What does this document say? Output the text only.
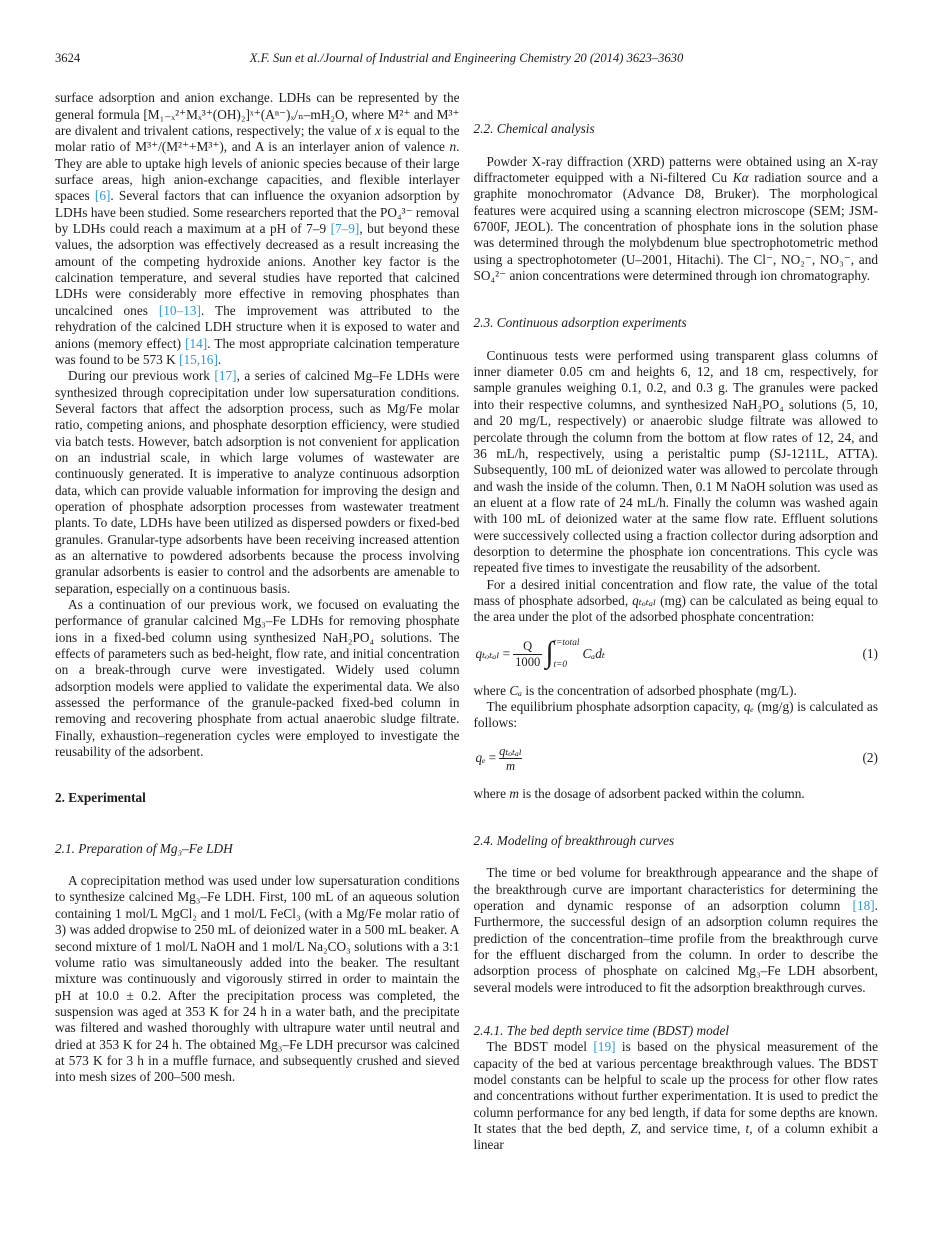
3624	X.F. Sun et al./Journal of Industrial and Engineering Chemistry 20 (2014) 3623–3630
surface adsorption and anion exchange. LDHs can be represented by the general formula [M₁₋ₓ²⁺Mₓ³⁺(OH)₂]ˣ⁺(Aⁿ⁻)ₓ/ₙ–mH₂O, where M²⁺ and M³⁺ are divalent and trivalent cations, respectively; the value of x is equal to the molar ratio of M³⁺/(M²⁺+M³⁺), and A is an interlayer anion of valence n. They are able to uptake high levels of anionic species because of their large surface areas, high anion-exchange capacities, and flexible interlayer spaces [6]. Several factors that can influence the oxyanion adsorption by LDHs have been studied. Some researchers reported that the PO₄³⁻ removal by LDHs could reach a maximum at a pH of 7–9 [7–9], but beyond these values, the adsorption was effectively decreased as a result increasing the amount of the competing hydroxide anions. Another key factor is the calcination temperature, and several studies have reported that calcined LDHs were considerably more effective in removing phosphates than uncalcined ones [10–13]. The improvement was attributed to the rehydration of the calcined LDH structure when it is exposed to water and anions (memory effect) [14]. The most appropriate calcination temperature was found to be 573 K [15,16].
During our previous work [17], a series of calcined Mg–Fe LDHs were synthesized through coprecipitation under low supersaturation conditions. Several factors that affect the adsorption process, such as Mg/Fe molar ratio, competing anions, and phosphate desorption efficiency, were studied via batch tests. However, batch adsorption is not convenient for application on an industrial scale, in which large volumes of wastewater are continuously generated. It is imperative to analyze continuous adsorption data, which can provide valuable information for improving the design and operation of phosphate adsorption processes from wastewater treatment plants. To date, LDHs have been utilized as dispersed powders or fixed-bed granules. Granular-type adsorbents have been receiving increased attention as an alternative to powdered adsorbents because the process involving granular adsorbents is easier to control and the adsorbents are amenable to separation, especially on a continuous basis.
As a continuation of our previous work, we focused on evaluating the performance of granular calcined Mg₃–Fe LDHs for removing phosphate ions in a fixed-bed column using synthesized NaH₂PO₄ solutions. The effects of parameters such as bed-height, flow rate, and initial concentration on a break-through curve were investigated. Widely used column adsorption models were applied to validate the experimental data. We also assessed the performance of the granule-packed fixed-bed column in removing and recovering phosphate from actual anaerobic sludge filtrate. Finally, exhaustion–regeneration cycles were employed to investigate the reusability of the adsorbent.
2. Experimental
2.1. Preparation of Mg₃–Fe LDH
A coprecipitation method was used under low supersaturation conditions to synthesize calcined Mg₃–Fe LDH. First, 100 mL of an aqueous solution containing 1 mol/L MgCl₂ and 1 mol/L FeCl₃ (with a Mg/Fe molar ratio of 3) was added dropwise to 250 mL of deionized water in a 500 mL beaker. A second mixture of 1 mol/L NaOH and 1 mol/L Na₂CO₃ solutions with a 3:1 volume ratio was simultaneously added into the beaker. The resultant mixture was continuously and vigorously stirred in order to maintain the pH at 10.0 ± 0.2. After the precipitation process was completed, the suspension was aged at 353 K for 24 h in a water bath, and the precipitate was filtered and washed thoroughly with ultrapure water until neutral and dried at 353 K for 24 h. The obtained Mg₃–Fe LDH precursor was calcined at 573 K for 3 h in a muffle furnace, and subsequently crushed and sieved into mesh sizes of 200–500 mesh.
2.2. Chemical analysis
Powder X-ray diffraction (XRD) patterns were obtained using an X-ray diffractometer equipped with a Ni-filtered Cu Kα radiation source and a graphite monochromator (Advance D8, Bruker). The morphological features were acquired using a scanning electron microscope (SEM; JSM-6700F, JEOL). The concentration of phosphate ions in the solution phase was determined through the molybdenum blue spectrophotometric method using a spectrophotometer (U–2001, Hitachi). The Cl⁻, NO₂⁻, NO₃⁻, and SO₄²⁻ anion concentrations were determined through ion chromatography.
2.3. Continuous adsorption experiments
Continuous tests were performed using transparent glass columns of inner diameter 0.05 cm and heights 6, 12, and 18 cm, respectively, for sample granules weighing 0.1, 0.2, and 0.3 g. The granules were packed into their respective columns, and synthesized NaH₂PO₄ solutions (5, 10, and 20 mg/L, respectively) or anaerobic sludge filtrate was allowed to percolate through the column from the bottom at flow rates of 12, 24, and 36 mL/h, respectively, using a peristaltic pump (SJ-1211L, ATTA). Subsequently, 100 mL of deionized water was allowed to percolate through and wash the inside of the column. Then, 0.1 M NaOH solution was used as an eluent at a flow rate of 24 mL/h. Finally the column was washed again with 100 mL of deionized water at the same flow rate. Effluent solutions were successively collected using a fraction collector during adsorption and desorption to determine the phosphate ion concentrations. This cycle was repeated five times to investigate the reusability of the adsorbent.
For a desired initial concentration and flow rate, the value of the total mass of phosphate adsorbed, qₜₒₜₐₗ (mg) can be calculated as being equal to the area under the plot of the adsorbed phosphate concentration:
$q_{total} = \frac{Q}{1000}$ ∫ t=total
t=0
Cₐdₜ	(1)
where Cₐ is the concentration of adsorbed phosphate (mg/L).
The equilibrium phosphate adsorption capacity, qₑ (mg/g) is calculated as follows:
$q_e = \frac{\text{qₜₒₜₐₗ}}{m}$	(2)
where m is the dosage of adsorbent packed within the column.
2.4. Modeling of breakthrough curves
The time or bed volume for breakthrough appearance and the shape of the breakthrough curve are important characteristics for determining the operation and dynamic response of an adsorption column [18]. Furthermore, the successful design of an adsorption column requires the prediction of the concentration–time profile from the breakthrough curve for the effluent discharged from the column. In order to describe the adsorption process of phosphate on calcined Mg₃–Fe LDH absorbent, several models were introduced to fit the adsorption breakthrough curves.
2.4.1. The bed depth service time (BDST) model
The BDST model [19] is based on the physical measurement of the capacity of the bed at various percentage breakthrough values. The BDST model constants can be helpful to scale up the process for other flow rates and concentrations without further experimentation. It is used to predict the column performance for any bed length, if data for some depths are known. It states that the bed depth, Z, and service time, t, of a column exhibit a linear
